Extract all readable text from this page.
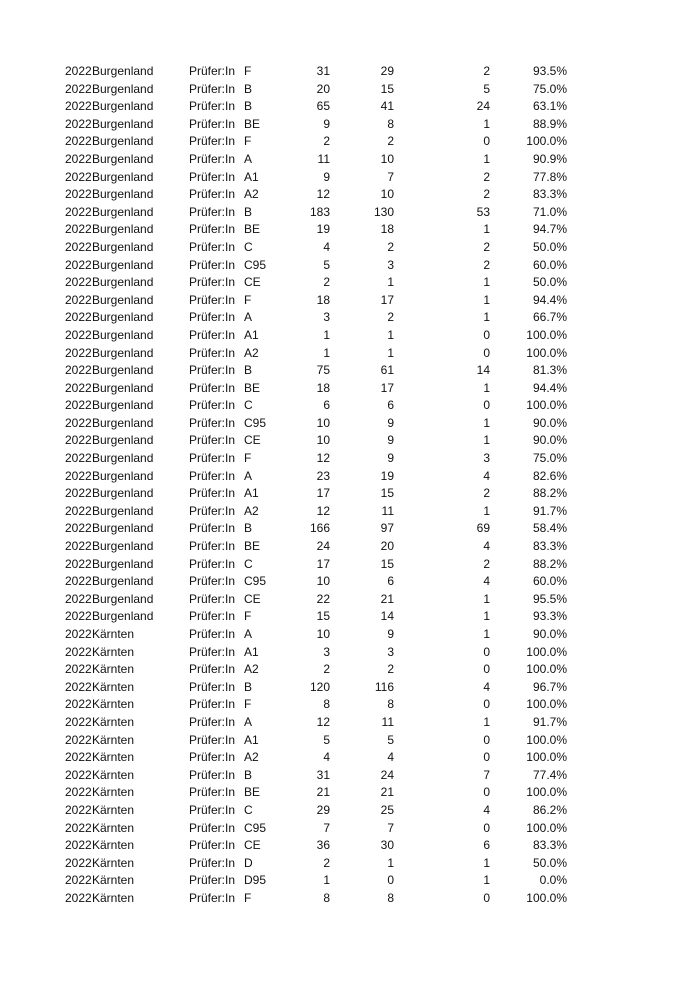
2022 Burgenland	Prüfer:In F	31	29	2	93.5%
2022 Burgenland	Prüfer:In B	20	15	5	75.0%
2022 Burgenland	Prüfer:In B	65	41	24	63.1%
2022 Burgenland	Prüfer:In BE	9	8	1	88.9%
2022 Burgenland	Prüfer:In F	2	2	0	100.0%
2022 Burgenland	Prüfer:In A	11	10	1	90.9%
2022 Burgenland	Prüfer:In A1	9	7	2	77.8%
2022 Burgenland	Prüfer:In A2	12	10	2	83.3%
2022 Burgenland	Prüfer:In B	183	130	53	71.0%
2022 Burgenland	Prüfer:In BE	19	18	1	94.7%
2022 Burgenland	Prüfer:In C	4	2	2	50.0%
2022 Burgenland	Prüfer:In C95	5	3	2	60.0%
2022 Burgenland	Prüfer:In CE	2	1	1	50.0%
2022 Burgenland	Prüfer:In F	18	17	1	94.4%
2022 Burgenland	Prüfer:In A	3	2	1	66.7%
2022 Burgenland	Prüfer:In A1	1	1	0	100.0%
2022 Burgenland	Prüfer:In A2	1	1	0	100.0%
2022 Burgenland	Prüfer:In B	75	61	14	81.3%
2022 Burgenland	Prüfer:In BE	18	17	1	94.4%
2022 Burgenland	Prüfer:In C	6	6	0	100.0%
2022 Burgenland	Prüfer:In C95	10	9	1	90.0%
2022 Burgenland	Prüfer:In CE	10	9	1	90.0%
2022 Burgenland	Prüfer:In F	12	9	3	75.0%
2022 Burgenland	Prüfer:In A	23	19	4	82.6%
2022 Burgenland	Prüfer:In A1	17	15	2	88.2%
2022 Burgenland	Prüfer:In A2	12	11	1	91.7%
2022 Burgenland	Prüfer:In B	166	97	69	58.4%
2022 Burgenland	Prüfer:In BE	24	20	4	83.3%
2022 Burgenland	Prüfer:In C	17	15	2	88.2%
2022 Burgenland	Prüfer:In C95	10	6	4	60.0%
2022 Burgenland	Prüfer:In CE	22	21	1	95.5%
2022 Burgenland	Prüfer:In F	15	14	1	93.3%
2022 Kärnten	Prüfer:In A	10	9	1	90.0%
2022 Kärnten	Prüfer:In A1	3	3	0	100.0%
2022 Kärnten	Prüfer:In A2	2	2	0	100.0%
2022 Kärnten	Prüfer:In B	120	116	4	96.7%
2022 Kärnten	Prüfer:In F	8	8	0	100.0%
2022 Kärnten	Prüfer:In A	12	11	1	91.7%
2022 Kärnten	Prüfer:In A1	5	5	0	100.0%
2022 Kärnten	Prüfer:In A2	4	4	0	100.0%
2022 Kärnten	Prüfer:In B	31	24	7	77.4%
2022 Kärnten	Prüfer:In BE	21	21	0	100.0%
2022 Kärnten	Prüfer:In C	29	25	4	86.2%
2022 Kärnten	Prüfer:In C95	7	7	0	100.0%
2022 Kärnten	Prüfer:In CE	36	30	6	83.3%
2022 Kärnten	Prüfer:In D	2	1	1	50.0%
2022 Kärnten	Prüfer:In D95	1	0	1	0.0%
2022 Kärnten	Prüfer:In F	8	8	0	100.0%
